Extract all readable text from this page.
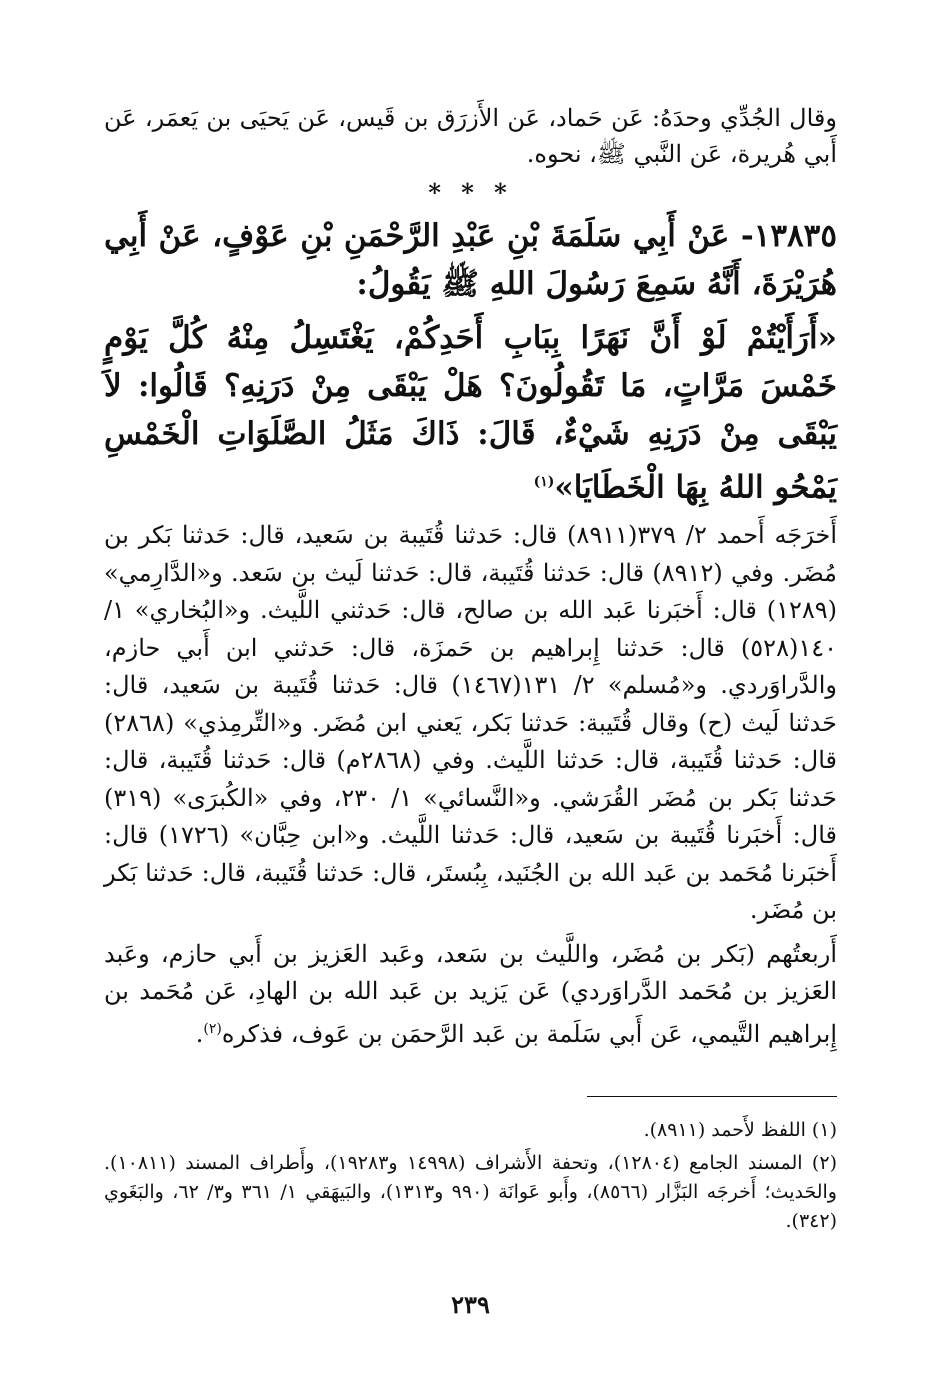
وقال الجُدِّي وحدَهُ: عَن حَماد، عَن الأَزرَق بن قَيس، عَن يَحيَى بن يَعمَر، عَن أَبي هُريرة، عَن النَّبي ﷺ، نحوه.

* * *

١٣٨٣٥- عَنْ أَبِي سَلَمَةَ بْنِ عَبْدِ الرَّحْمَنِ بْنِ عَوْفٍ، عَنْ أَبِي هُرَيْرَةَ، أَنَّهُ سَمِعَ رَسُولَ اللهِ ﷺ يَقُولُ:

«أَرَأَيْتُمْ لَوْ أَنَّ نَهَرًا بِبَابِ أَحَدِكُمْ، يَغْتَسِلُ مِنْهُ كُلَّ يَوْمٍ خَمْسَ مَرَّاتٍ، مَا تَقُولُونَ؟ هَلْ يَبْقَى مِنْ دَرَنِهِ؟ قَالُوا: لاَ يَبْقَى مِنْ دَرَنِهِ شَيْءٌ، قَالَ: ذَاكَ مَثَلُ الصَّلَوَاتِ الْخَمْسِ يَمْحُو اللهُ بِهَا الْخَطَايَا»$^{(١)}$

أَخرَجَه أَحمد ٢/ ٣٧٩(٨٩١١) قال: حَدثنا قُتَيبة بن سَعيد، قال: حَدثنا بَكر بن مُضَر. وفي (٨٩١٢) قال: حَدثنا قُتَيبة، قال: حَدثنا لَيث بن سَعد. و«الدَّارِمي» (١٢٨٩) قال: أَخبَرنا عَبد الله بن صالح، قال: حَدثني اللَّيث. و«البُخاري» ١/ ١٤٠(٥٢٨) قال: حَدثنا إِبراهيم بن حَمزَة، قال: حَدثني ابن أَبي حازم، والدَّراوَردي. و«مُسلم» ٢/ ١٣١(١٤٦٧) قال: حَدثنا قُتَيبة بن سَعيد، قال: حَدثنا لَيث (ح) وقال قُتَيبة: حَدثنا بَكر، يَعني ابن مُضَر. و«التِّرمِذي» (٢٨٦٨) قال: حَدثنا قُتَيبة، قال: حَدثنا اللَّيث. وفي (٢٨٦٨م) قال: حَدثنا قُتَيبة، قال: حَدثنا بَكر بن مُضَر القُرَشي. و«النَّسائي» ١/ ٢٣٠، وفي «الكُبرَى» (٣١٩) قال: أَخبَرنا قُتَيبة بن سَعيد، قال: حَدثنا اللَّيث. و«ابن حِبَّان» (١٧٢٦) قال: أَخبَرنا مُحَمد بن عَبد الله بن الجُنَيد، بِبُستَر، قال: حَدثنا قُتَيبة، قال: حَدثنا بَكر بن مُضَر.

أَربعتُهم (بَكر بن مُضَر، واللَّيث بن سَعد، وعَبد العَزيز بن أَبي حازم، وعَبد العَزيز بن مُحَمد الدَّراوَردي) عَن يَزيد بن عَبد الله بن الهادِ، عَن مُحَمد بن إِبراهيم التَّيمي، عَن أَبي سَلَمة بن عَبد الرَّحمَن بن عَوف، فذكره$^{(٢)}$.

(١) اللفظ لأَحمد (٨٩١١).

(٢) المسند الجامع (١٢٨٠٤)، وتحفة الأَشراف (١٤٩٩٨ و١٩٢٨٣)، وأَطراف المسند (١٠٨١١). والحَديث؛ أَخرجَه البَزَّار (٨٥٦٦)، وأَبو عَوانَة (٩٩٠ و١٣١٣)، والبَيهَقي ١/ ٣٦١ و٣/ ٦٢، والبَغَوي (٣٤٢).

٢٣٩
